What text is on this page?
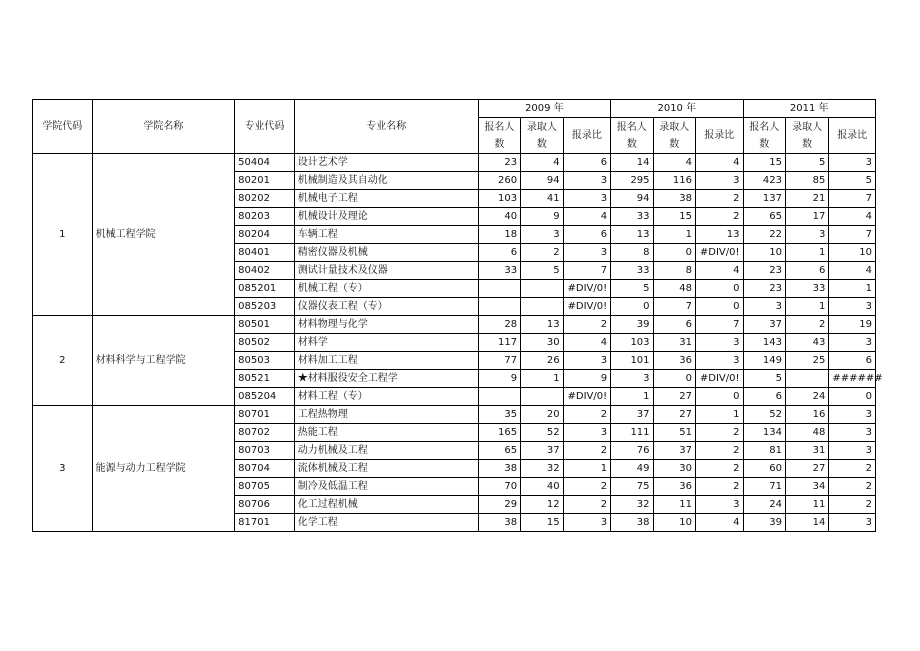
学院代码	学院名称	专业代码	专业名称	2009 年			2010 年			2011 年		
				报名人数	录取人数	报录比	报名人数	录取人数	报录比	报名人数	录取人数	报录比
1	机械工程学院	50404	设计艺术学	23	4	6	14	4	4	15	5	3
		80201	机械制造及其自动化	260	94	3	295	116	3	423	85	5
		80202	机械电子工程	103	41	3	94	38	2	137	21	7
		80203	机械设计及理论	40	9	4	33	15	2	65	17	4
		80204	车辆工程	18	3	6	13	1	13	22	3	7
		80401	精密仪器及机械	6	2	3	8	0	#DIV/0!	10	1	10
		80402	测试计量技术及仪器	33	5	7	33	8	4	23	6	4
		085201	机械工程（专）			#DIV/0!	5	48	0	23	33	1
		085203	仪器仪表工程（专）			#DIV/0!	0	7	0	3	1	3
2	材料科学与工程学院	80501	材料物理与化学	28	13	2	39	6	7	37	2	19
		80502	材料学	117	30	4	103	31	3	143	43	3
		80503	材料加工工程	77	26	3	101	36	3	149	25	6
		80521	★材料服役安全工程学	9	1	9	3	0	#DIV/0!	5		######
		085204	材料工程（专）			#DIV/0!	1	27	0	6	24	0
3	能源与动力工程学院	80701	工程热物理	35	20	2	37	27	1	52	16	3
		80702	热能工程	165	52	3	111	51	2	134	48	3
		80703	动力机械及工程	65	37	2	76	37	2	81	31	3
		80704	流体机械及工程	38	32	1	49	30	2	60	27	2
		80705	制冷及低温工程	70	40	2	75	36	2	71	34	2
		80706	化工过程机械	29	12	2	32	11	3	24	11	2
		81701	化学工程	38	15	3	38	10	4	39	14	3
